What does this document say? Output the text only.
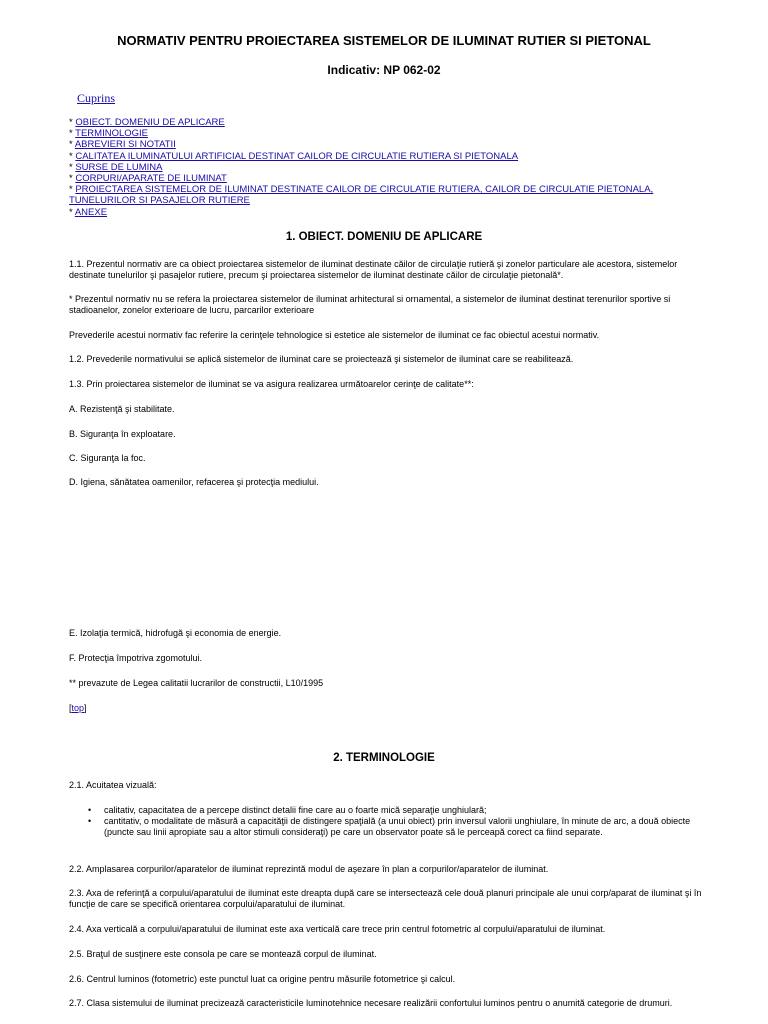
NORMATIV PENTRU PROIECTAREA SISTEMELOR DE ILUMINAT RUTIER SI PIETONAL
Indicativ: NP 062-02
Cuprins
* OBIECT. DOMENIU DE APLICARE
* TERMINOLOGIE
* ABREVIERI SI NOTATII
* CALITATEA ILUMINATULUI ARTIFICIAL DESTINAT CAILOR DE CIRCULATIE RUTIERA SI PIETONALA
* SURSE DE LUMINA
* CORPURI/APARATE DE ILUMINAT
* PROIECTAREA SISTEMELOR DE ILUMINAT DESTINATE CAILOR DE CIRCULATIE RUTIERA, CAILOR DE CIRCULATIE PIETONALA,
TUNELURILOR SI PASAJELOR RUTIERE
* ANEXE
1. OBIECT. DOMENIU DE APLICARE

1.1. Prezentul normativ are ca obiect proiectarea sistemelor de iluminat destinate căilor de circulaţie rutieră şi zonelor particulare ale acestora, sistemelor destinate tunelurilor şi pasajelor rutiere, precum şi proiectarea sistemelor de iluminat destinate căilor de circulaţie pietonală*.

* Prezentul normativ nu se refera la proiectarea sistemelor de iluminat arhitectural si ornamental, a sistemelor de iluminat destinat terenurilor sportive si stadioanelor, zonelor exterioare de lucru, parcarilor exterioare

Prevederile acestui normativ fac referire la cerinţele tehnologice si estetice ale sistemelor de iluminat ce fac obiectul acestui normativ.

1.2. Prevederile normativului se aplică sistemelor de iluminat care se proiectează şi sistemelor de iluminat care se reabilitează.

1.3. Prin proiectarea sistemelor de iluminat se va asigura realizarea următoarelor cerinţe de calitate**:

A. Rezistenţă şi stabilitate.

B. Siguranţa în exploatare.

C. Siguranţa la foc.

D. Igiena, sănătatea oamenilor, refacerea şi protecţia mediului.

E. Izolaţia termică, hidrofugă şi economia de energie.

F. Protecţia împotriva zgomotului.

** prevazute de Legea calitatii lucrarilor de constructii, L10/1995

[top]
2. TERMINOLOGIE

2.1. Acuitatea vizuală:

• calitativ, capacitatea de a percepe distinct detalii fine care au o foarte mică separaţie unghiulară;
• cantitativ, o modalitate de măsură a capacităţii de distingere spaţială (a unui obiect) prin inversul valorii unghiulare, în minute de arc, a două obiecte (puncte sau linii apropiate sau a altor stimuli consideraţi) pe care un observator poate să le perceapă corect ca fiind separate.

2.2. Amplasarea corpurilor/aparatelor de iluminat reprezintă modul de aşezare în plan a corpurilor/aparatelor de iluminat.

2.3. Axa de referinţă a corpului/aparatului de iluminat este dreapta după care se intersectează cele două planuri principale ale unui corp/aparat de iluminat şi în funcţie de care se specifică orientarea corpului/aparatului de iluminat.

2.4. Axa verticală a corpului/aparatului de iluminat este axa verticală care trece prin centrul fotometric al corpului/aparatului de iluminat.

2.5. Braţul de susţinere este consola pe care se montează corpul de iluminat.

2.6. Centrul luminos (fotometric) este punctul luat ca origine pentru măsurile fotometrice şi calcul.

2.7. Clasa sistemului de iluminat precizează caracteristicile luminotehnice necesare realizării confortului luminos pentru o anumită categorie de drumuri.
